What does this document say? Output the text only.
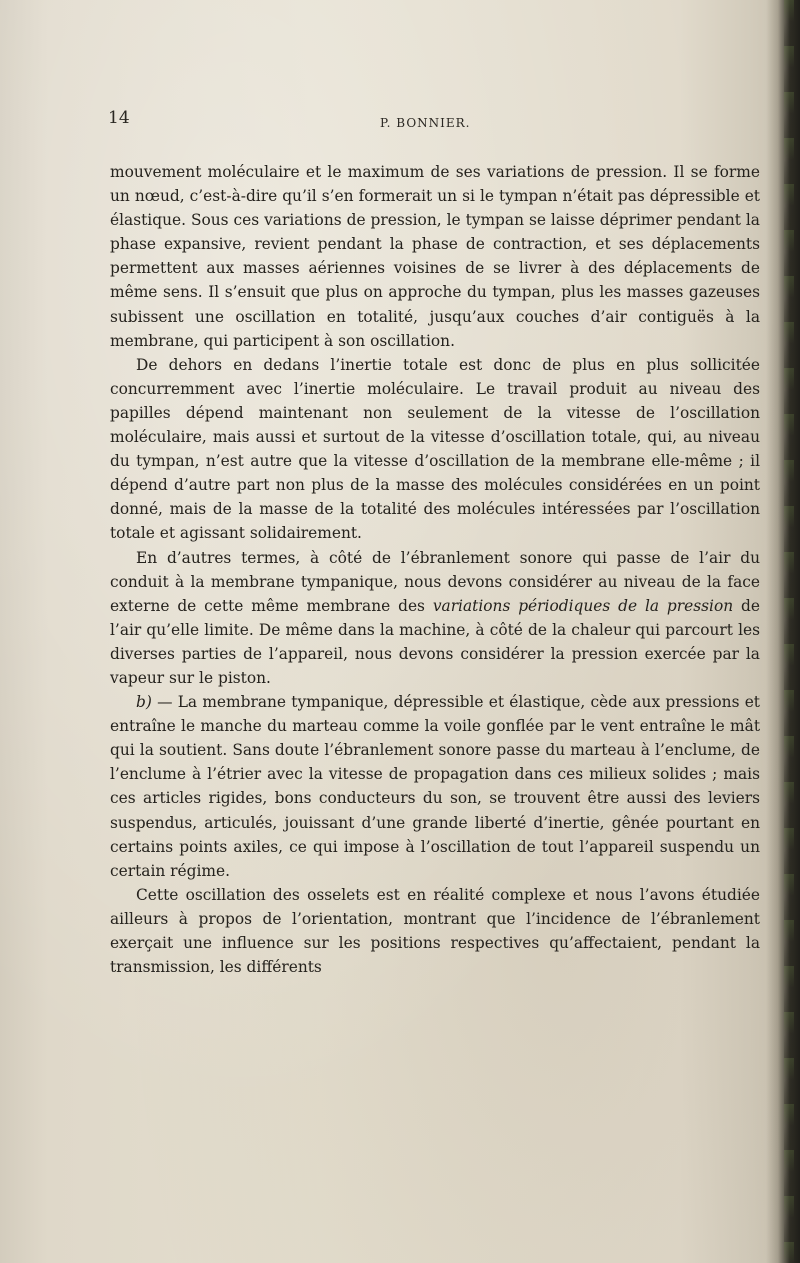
14	P. BONNIER.

mouvement moléculaire et le maximum de ses variations de pression. Il se forme un nœud, c’est-à-dire qu’il s’en formerait un si le tympan n’était pas dépressible et élastique. Sous ces variations de pression, le tympan se laisse déprimer pendant la phase expansive, revient pendant la phase de contraction, et ses déplacements permettent aux masses aériennes voisines de se livrer à des déplacements de même sens. Il s’ensuit que plus on approche du tympan, plus les masses gazeuses subissent une oscillation en totalité, jusqu’aux couches d’air contiguës à la membrane, qui participent à son oscillation.

De dehors en dedans l’inertie totale est donc de plus en plus sollicitée concurremment avec l’inertie moléculaire. Le travail produit au niveau des papilles dépend maintenant non seulement de la vitesse de l’oscillation moléculaire, mais aussi et surtout de la vitesse d’oscillation totale, qui, au niveau du tympan, n’est autre que la vitesse d’oscillation de la membrane elle-même ; il dépend d’autre part non plus de la masse des molécules considérées en un point donné, mais de la masse de la totalité des molécules intéressées par l’oscillation totale et agissant solidairement.

En d’autres termes, à côté de l’ébranlement sonore qui passe de l’air du conduit à la membrane tympanique, nous devons considérer au niveau de la face externe de cette même membrane des variations périodiques de la pression de l’air qu’elle limite. De même dans la machine, à côté de la chaleur qui parcourt les diverses parties de l’appareil, nous devons considérer la pression exercée par la vapeur sur le piston.

b) — La membrane tympanique, dépressible et élastique, cède aux pressions et entraîne le manche du marteau comme la voile gonflée par le vent entraîne le mât qui la soutient. Sans doute l’ébranlement sonore passe du marteau à l’enclume, de l’enclume à l’étrier avec la vitesse de propagation dans ces milieux solides ; mais ces articles rigides, bons conducteurs du son, se trouvent être aussi des leviers suspendus, articulés, jouissant d’une grande liberté d’inertie, gênée pourtant en certains points axiles, ce qui impose à l’oscillation de tout l’appareil suspendu un certain régime.

Cette oscillation des osselets est en réalité complexe et nous l’avons étudiée ailleurs à propos de l’orientation, montrant que l’incidence de l’ébranlement exerçait une influence sur les positions respectives qu’affectaient, pendant la transmission, les différents
